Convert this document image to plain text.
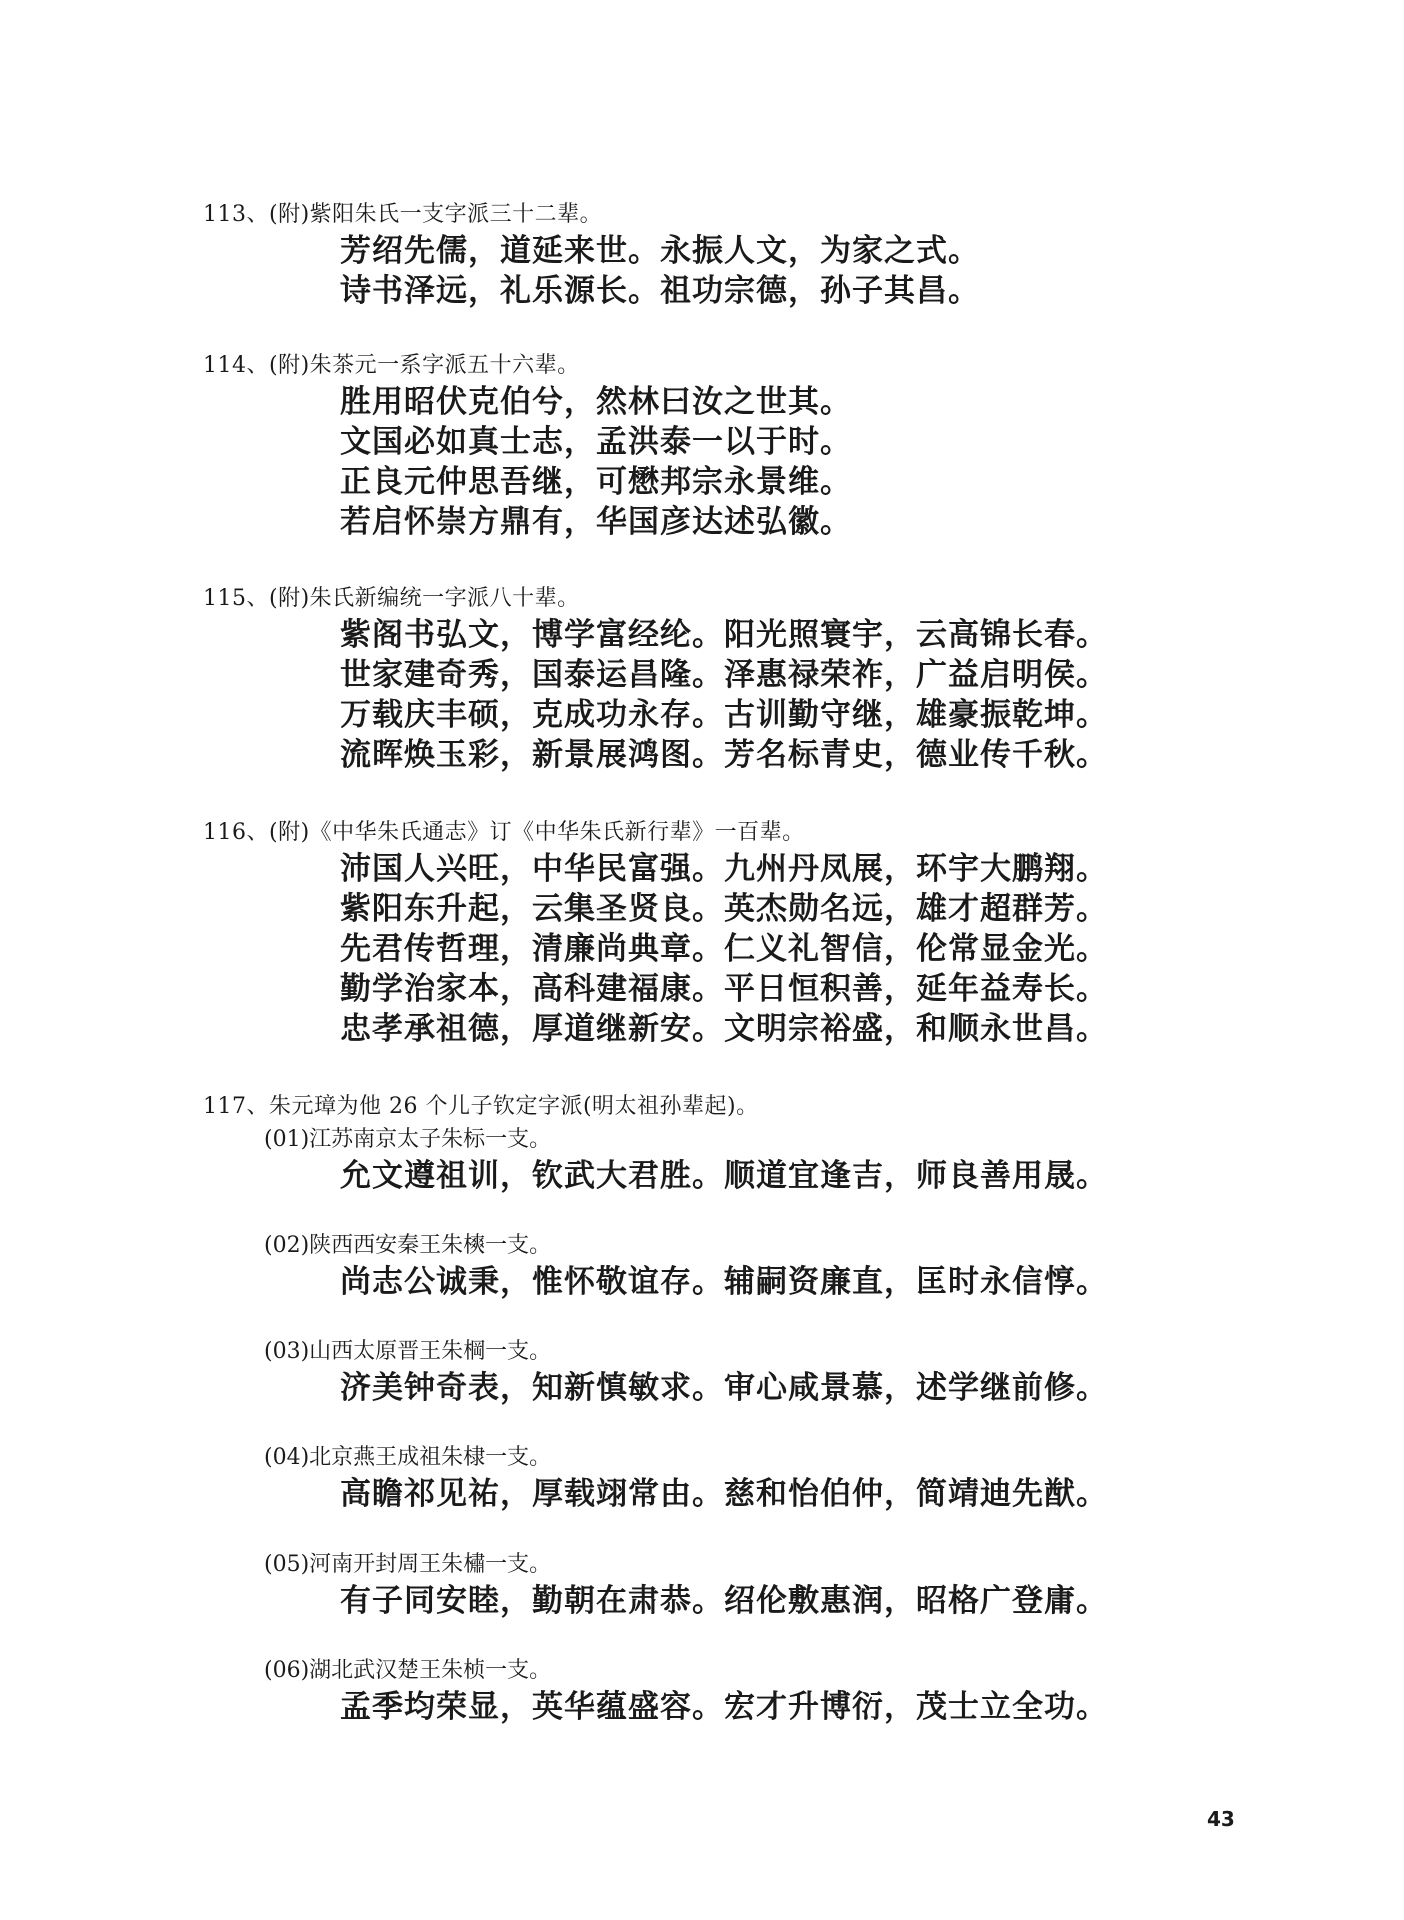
113、(附)紫阳朱氏一支字派三十二辈。
芳绍先儒，道延来世。永振人文，为家之式。
诗书泽远，礼乐源长。祖功宗德，孙子其昌。
114、(附)朱茶元一系字派五十六辈。
胜用昭伏克伯兮，然林曰汝之世其。
文国必如真士志，孟洪泰一以于时。
正良元仲思吾继，可懋邦宗永景维。
若启怀崇方鼎有，华国彦达述弘徽。
115、(附)朱氏新编统一字派八十辈。
紫阁书弘文，博学富经纶。阳光照寰宇，云高锦长春。
世家建奇秀，国泰运昌隆。泽惠禄荣祚，广益启明侯。
万载庆丰硕，克成功永存。古训勤守继，雄豪振乾坤。
流晖焕玉彩，新景展鸿图。芳名标青史，德业传千秋。
116、(附)《中华朱氏通志》订《中华朱氏新行辈》一百辈。
沛国人兴旺，中华民富强。九州丹凤展，环宇大鹏翔。
紫阳东升起，云集圣贤良。英杰勋名远，雄才超群芳。
先君传哲理，清廉尚典章。仁义礼智信，伦常显金光。
勤学治家本，高科建福康。平日恒积善，延年益寿长。
忠孝承祖德，厚道继新安。文明宗裕盛，和顺永世昌。
117、朱元璋为他 26 个儿子钦定字派(明太祖孙辈起)。
(01)江苏南京太子朱标一支。
允文遵祖训，钦武大君胜。顺道宜逢吉，师良善用晟。
(02)陕西西安秦王朱樉一支。
尚志公诚秉，惟怀敬谊存。辅嗣资廉直，匡时永信惇。
(03)山西太原晋王朱棡一支。
济美钟奇表，知新慎敏求。审心咸景慕，述学继前修。
(04)北京燕王成祖朱棣一支。
高瞻祁见祐，厚载翊常由。慈和怡伯仲，简靖迪先猷。
(05)河南开封周王朱橚一支。
有子同安睦，勤朝在肃恭。绍伦敷惠润，昭格广登庸。
(06)湖北武汉楚王朱桢一支。
孟季均荣显，英华蕴盛容。宏才升博衍，茂士立全功。
43
